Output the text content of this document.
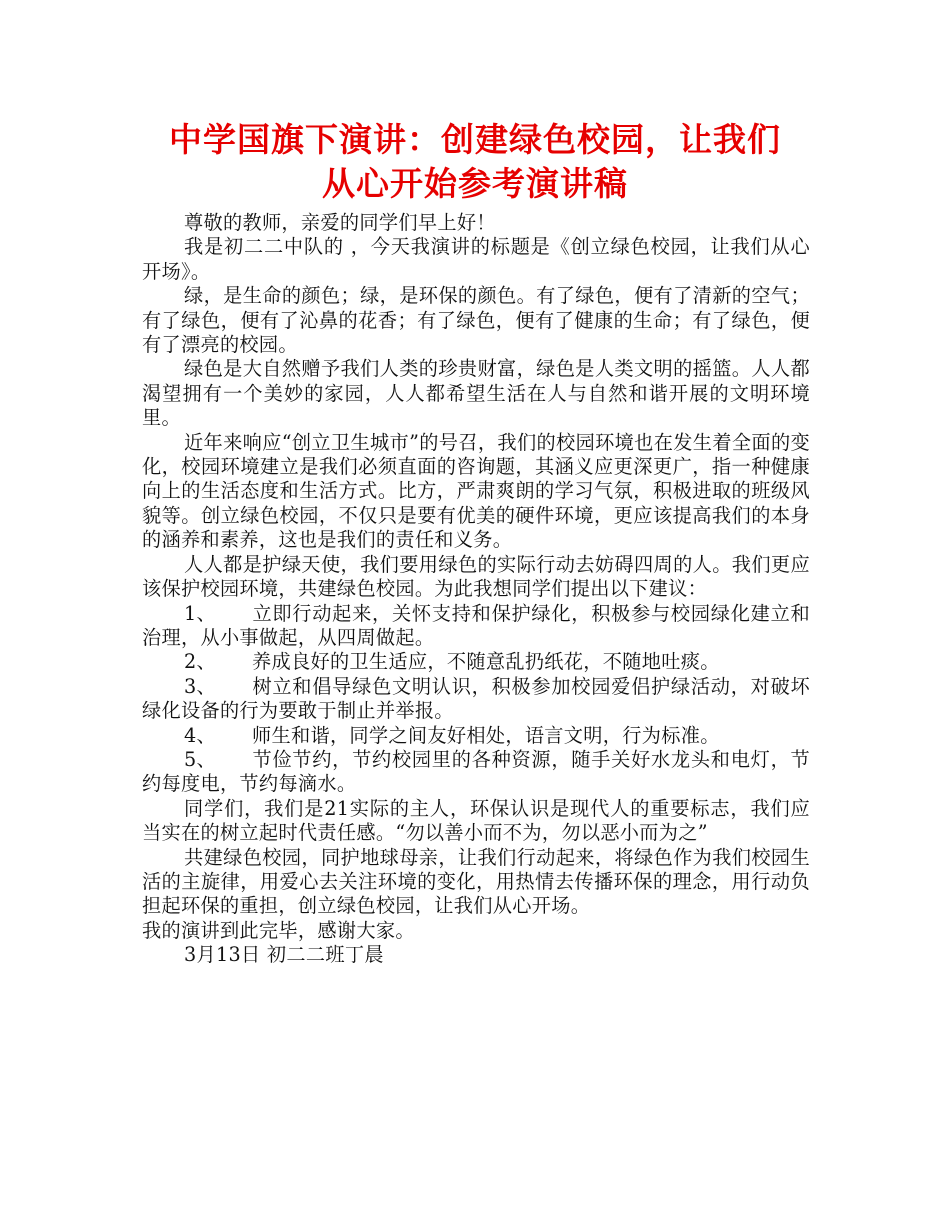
中学国旗下演讲：创建绿色校园，让我们
从心开始参考演讲稿

尊敬的教师，亲爱的同学们早上好！

我是初二二中队的 ，今天我演讲的标题是《创立绿色校园，让我们从心开场》。

绿，是生命的颜色；绿，是环保的颜色。有了绿色，便有了清新的空气；有了绿色，便有了沁鼻的花香；有了绿色，便有了健康的生命；有了绿色，便有了漂亮的校园。

绿色是大自然赠予我们人类的珍贵财富，绿色是人类文明的摇篮。人人都渴望拥有一个美妙的家园，人人都希望生活在人与自然和谐开展的文明环境里。

近年来响应“创立卫生城市”的号召，我们的校园环境也在发生着全面的变化，校园环境建立是我们必须直面的咨询题，其涵义应更深更广，指一种健康向上的生活态度和生活方式。比方，严肃爽朗的学习气氛，积极进取的班级风貌等。创立绿色校园，不仅只是要有优美的硬件环境，更应该提高我们的本身的涵养和素养，这也是我们的责任和义务。

人人都是护绿天使，我们要用绿色的实际行动去妨碍四周的人。我们更应该保护校园环境，共建绿色校园。为此我想同学们提出以下建议：

1、 立即行动起来，关怀支持和保护绿化，积极参与校园绿化建立和治理，从小事做起，从四周做起。

2、 养成良好的卫生适应，不随意乱扔纸花，不随地吐痰。

3、 树立和倡导绿色文明认识，积极参加校园爱侣护绿活动，对破坏绿化设备的行为要敢于制止并举报。

4、 师生和谐，同学之间友好相处，语言文明，行为标准。

5、 节俭节约，节约校园里的各种资源，随手关好水龙头和电灯，节约每度电，节约每滴水。

同学们，我们是21实际的主人，环保认识是现代人的重要标志，我们应当实在的树立起时代责任感。“勿以善小而不为，勿以恶小而为之”

共建绿色校园，同护地球母亲，让我们行动起来，将绿色作为我们校园生活的主旋律，用爱心去关注环境的变化，用热情去传播环保的理念，用行动负担起环保的重担，创立绿色校园，让我们从心开场。

我的演讲到此完毕，感谢大家。

3月13日 初二二班丁晨
